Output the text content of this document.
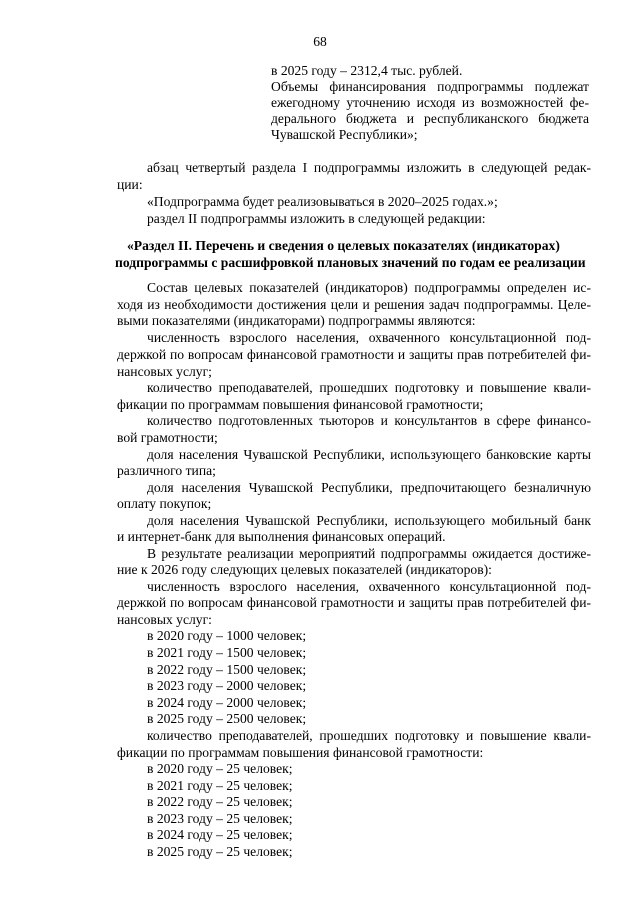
68
в 2025 году – 2312,4 тыс. рублей.
Объемы финансирования подпрограммы подлежат
ежегодному уточнению исходя из возможностей фе-
дерального бюджета и республиканского бюджета
Чувашской Республики»;
абзац четвертый раздела I подпрограммы изложить в следующей редак-
ции:
«Подпрограмма будет реализовываться в 2020–2025 годах.»;
раздел II подпрограммы изложить в следующей редакции:
«Раздел II. Перечень и сведения о целевых показателях (индикаторах)
подпрограммы с расшифровкой плановых значений по годам ее реализации
Состав целевых показателей (индикаторов) подпрограммы определен ис-
ходя из необходимости достижения цели и решения задач подпрограммы. Целе-
выми показателями (индикаторами) подпрограммы являются:
численность взрослого населения, охваченного консультационной под-
держкой по вопросам финансовой грамотности и защиты прав потребителей фи-
нансовых услуг;
количество преподавателей, прошедших подготовку и повышение квали-
фикации по программам повышения финансовой грамотности;
количество подготовленных тьюторов и консультантов в сфере финансо-
вой грамотности;
доля населения Чувашской Республики, использующего банковские карты
различного типа;
доля населения Чувашской Республики, предпочитающего безналичную
оплату покупок;
доля населения Чувашской Республики, использующего мобильный банк
и интернет-банк для выполнения финансовых операций.
В результате реализации мероприятий подпрограммы ожидается достиже-
ние к 2026 году следующих целевых показателей (индикаторов):
численность взрослого населения, охваченного консультационной под-
держкой по вопросам финансовой грамотности и защиты прав потребителей фи-
нансовых услуг:
в 2020 году – 1000 человек;
в 2021 году – 1500 человек;
в 2022 году – 1500 человек;
в 2023 году – 2000 человек;
в 2024 году – 2000 человек;
в 2025 году – 2500 человек;
количество преподавателей, прошедших подготовку и повышение квали-
фикации по программам повышения финансовой грамотности:
в 2020 году – 25 человек;
в 2021 году – 25 человек;
в 2022 году – 25 человек;
в 2023 году – 25 человек;
в 2024 году – 25 человек;
в 2025 году – 25 человек;
